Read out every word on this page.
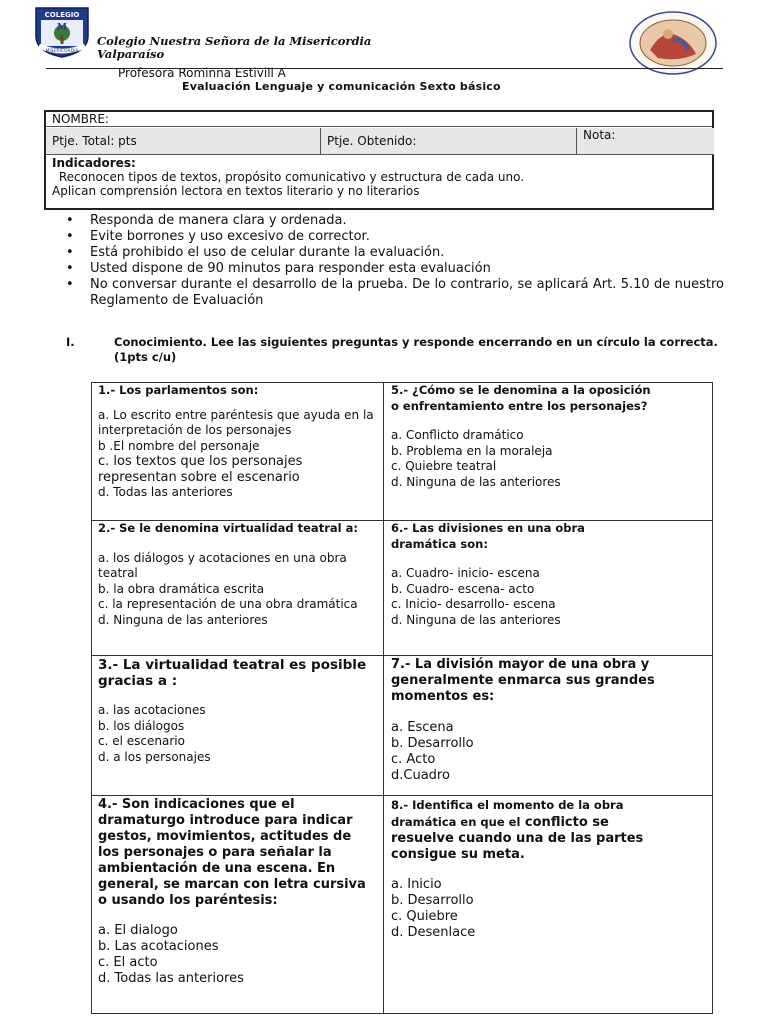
COLEGIO
M
MISERICORDIA
Colegio Nuestra Señora de la Misericordia
Valparaíso
Profesora Rominna Estivill A
Evaluación Lenguaje y comunicación Sexto básico
NOMBRE:
Ptje. Total: pts	Ptje. Obtenido:	Nota:
Indicadores:
Reconocen tipos de textos, propósito comunicativo y estructura de cada uno.
Aplican comprensión lectora en textos literario y no literarios
• Responda de manera clara y ordenada.
• Evite borrones y uso excesivo de corrector.
• Está prohibido el uso de celular durante la evaluación.
• Usted dispone de 90 minutos para responder esta evaluación
• No conversar durante el desarrollo de la prueba. De lo contrario, se aplicará Art. 5.10 de nuestro Reglamento de Evaluación
I.	Conocimiento. Lee las siguientes preguntas y responde encerrando en un círculo la correcta. (1pts c/u)
1.- Los parlamentos son:
a. Lo escrito entre paréntesis que ayuda en la interpretación de los personajes
b .El nombre del personaje
c. los textos que los personajes representan sobre el escenario
d. Todas las anteriores
5.- ¿Cómo se le denomina a la oposición o enfrentamiento entre los personajes?
a. Conflicto dramático
b. Problema en la moraleja
c. Quiebre teatral
d. Ninguna de las anteriores
2.- Se le denomina virtualidad teatral a:
a. los diálogos y acotaciones en una obra teatral
b. la obra dramática escrita
c. la representación de una obra dramática
d. Ninguna de las anteriores
6.- Las divisiones en una obra dramática son:
a. Cuadro- inicio- escena
b. Cuadro- escena- acto
c. Inicio- desarrollo- escena
d. Ninguna de las anteriores
3.- La virtualidad teatral es posible gracias a :
a. las acotaciones
b. los diálogos
c. el escenario
d. a los personajes
7.- La división mayor de una obra y generalmente enmarca sus grandes momentos es:
a. Escena
b. Desarrollo
c. Acto
d.Cuadro
4.- Son indicaciones que el dramaturgo introduce para indicar gestos, movimientos, actitudes de los personajes o para señalar la ambientación de una escena. En general, se marcan con letra cursiva o usando los paréntesis:
a. El dialogo
b. Las acotaciones
c. El acto
d. Todas las anteriores
8.- Identifica el momento de la obra dramática en que el conflicto se resuelve cuando una de las partes consigue su meta.
a. Inicio
b. Desarrollo
c. Quiebre
d. Desenlace
